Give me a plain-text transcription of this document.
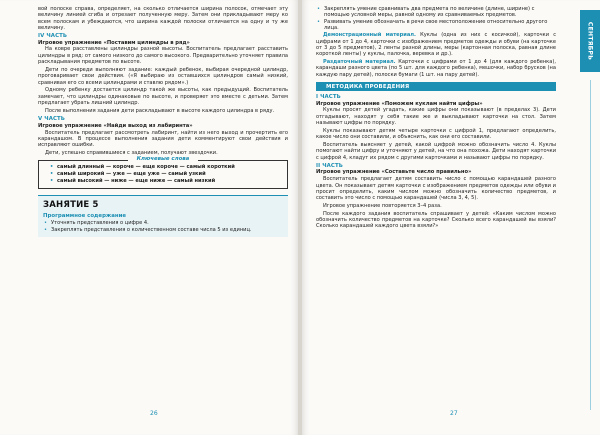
вой полоске справа, определяет, на сколько отличается ширина полосок, отмечает эту величину линией сгиба и отрезает полученную меру. Затем они прикладывают меру ко всем полоскам и убеждаются, что ширина каждой полоски отличается на одну и ту же величину.

IV ЧАСТЬ
Игровое упражнение «Поставим цилиндры в ряд»

На ковре расставлены цилиндры разной высоты. Воспитатель предлагает расставить цилиндры в ряд: от самого низкого до самого высокого. Предварительно уточняет правила раскладывания предметов по высоте.

Дети по очереди выполняют задание: каждый ребенок, выбирая очередной цилиндр, проговаривает свои действия. («Я выбираю из оставшихся цилиндров самый низкий, сравнивая его со всеми цилиндрами и ставлю рядом».)

Одному ребенку достается цилиндр такой же высоты, как предыдущий. Воспитатель замечает, что цилиндры одинаковые по высоте, и проверяет это вместе с детьми. Затем предлагает убрать лишний цилиндр.

После выполнения задания дети раскладывают в высоте каждого цилиндра в ряду.

V ЧАСТЬ
Игровое упражнение «Найди выход из лабиринта»

Воспитатель предлагает рассмотреть лабиринт, найти из него выход и прочертить его карандашом. В процессе выполнения задания дети комментируют свои действия и исправляют ошибки.

Дети, успешно справившиеся с заданием, получают звездочки.

Ключевые слова
• самый длинный — короче — еще короче — самый короткий
• самый широкий — уже — еще уже — самый узкий
• самый высокий — ниже — еще ниже — самый низкий
ЗАНЯТИЕ 5
Программное содержание
• Уточнять представления о цифре 4.
• Закреплять представления о количественном составе числа 5 из единиц.
26
• Закреплять умение сравнивать два предмета по величине (длине, ширине) с помощью условной меры, равной одному из сравниваемых предметов.
• Развивать умение обозначать в речи свое местоположение относительно другого лица.

Демонстрационный материал. Куклы (одна из них с косичкой), карточки с цифрами от 1 до 4, карточки с изображением предметов одежды и обуви (на карточке от 3 до 5 предметов), 2 ленты разной длины, меры (картонная полоска, равная длине короткой ленты) у куклы, палочка, веревка и др.).

Раздаточный материал. Карточки с цифрами от 1 до 4 (для каждого ребенка), карандаши разного цвета (по 5 шт. для каждого ребенка), мешочки, набор брусков (на каждую пару детей), полоски бумаги (1 шт. на пару детей).

МЕТОДИКА ПРОВЕДЕНИЯ
I ЧАСТЬ
Игровое упражнение «Поможем куклам найти цифры»

Куклы просят детей угадать, какие цифры они показывают (в пределах 3). Дети отгадывают, находят у себя такие же и выкладывают карточки на стол. Затем называют цифры по порядку.

Куклы показывают детям четыре карточки с цифрой 1, предлагают определить, какое число они составили, и объяснить, как они его составили.

Воспитатель выясняет у детей, какой цифрой можно обозначить число 4. Куклы помогают найти цифру и уточняют у детей, на что она похожа. Дети находят карточки с цифрой 4, кладут их рядом с другими карточками и называют цифры по порядку.

II ЧАСТЬ
Игровое упражнение «Составьте число правильно»

Воспитатель предлагает детям составить число с помощью карандашей разного цвета. Он показывает детям карточки с изображением предметов одежды или обуви и просит определить, каким числом можно обозначить количество предметов, и составить это число с помощью карандашей (числа 3, 4, 5).

Игровое упражнение повторяется 3–4 раза.

После каждого задания воспитатель спрашивает у детей: «Каким числом можно обозначить количество предметов на карточке? Сколько всего карандашей вы взяли? Сколько карандашей каждого цвета взяли?»

СЕНТЯБРЬ
27
